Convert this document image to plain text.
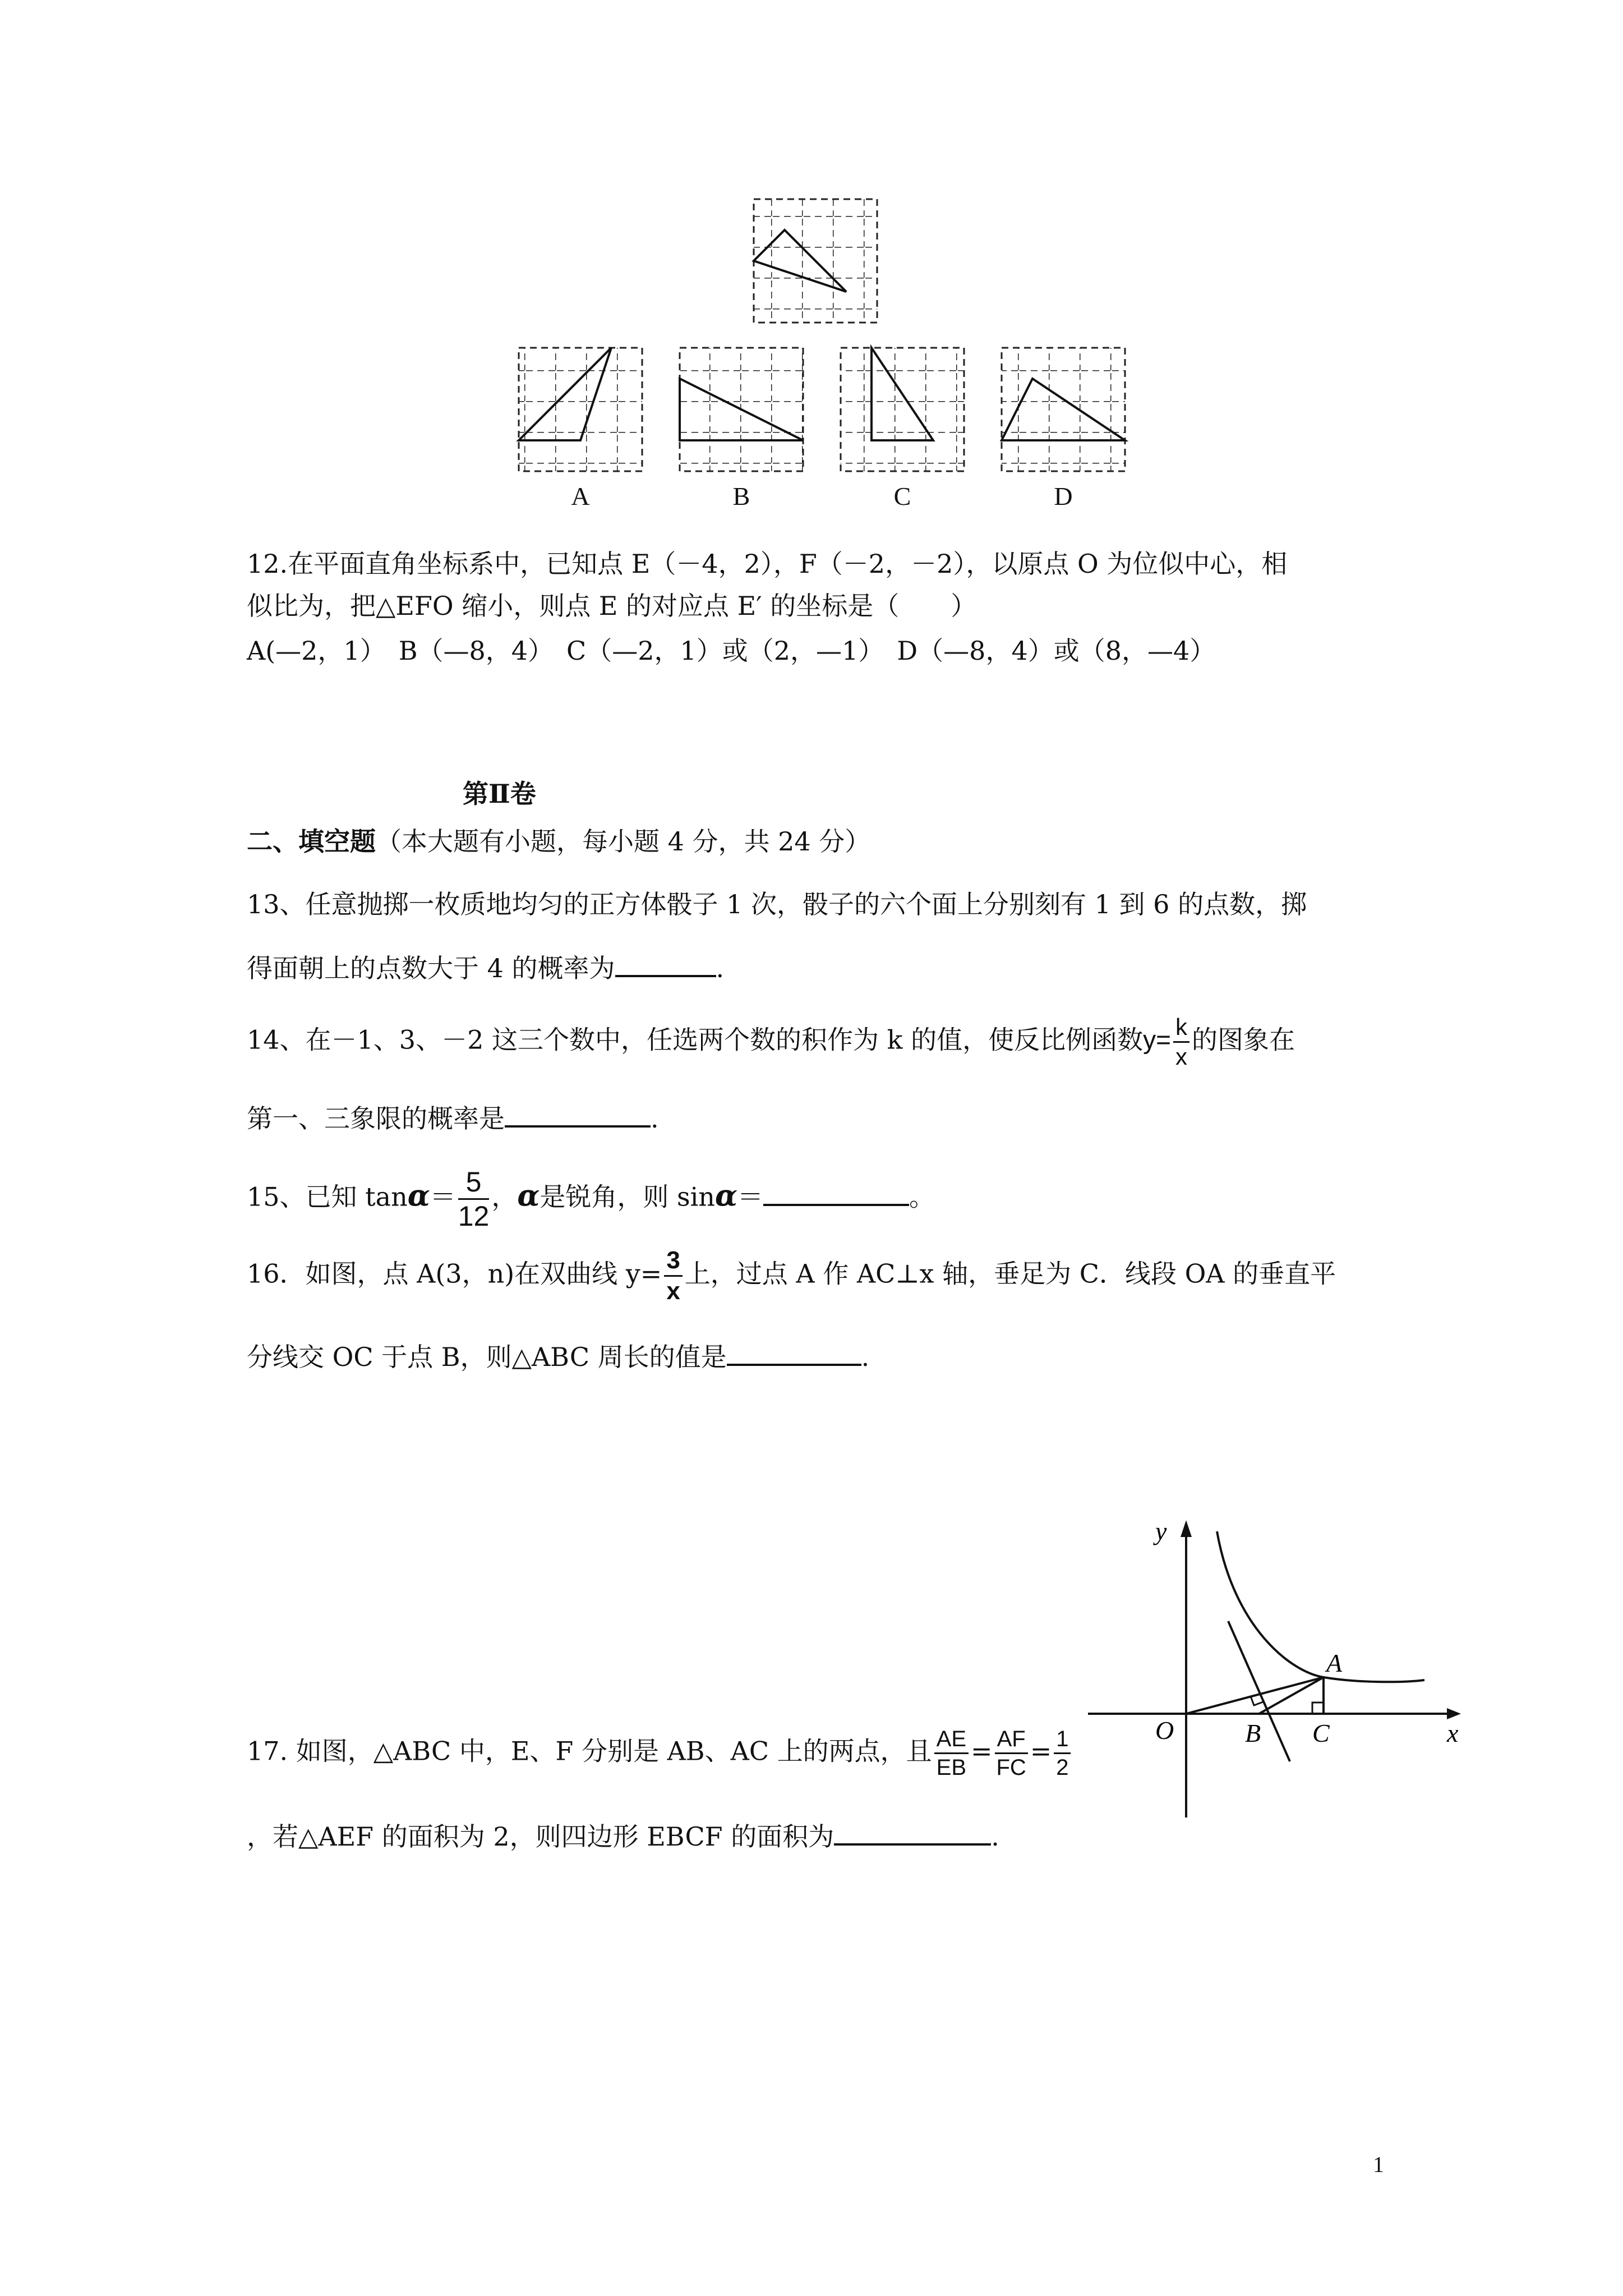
A	B	C	D
12.在平面直角坐标系中，已知点 E（－4，2），F（－2，－2），以原点 O 为位似中心，相
似比为，把△EFO 缩小，则点 E 的对应点 E′ 的坐标是（　　）
A(—2，1）　B（—8，4）　C（—2，1）或（2，—1）　D（—8，4）或（8，—4）
第Ⅱ卷
二、填空题（本大题有小题，每小题 4 分，共 24 分）
13、任意抛掷一枚质地均匀的正方体骰子 1 次，骰子的六个面上分别刻有 1 到 6 的点数，掷
得面朝上的点数大于 4 的概率为	.
14、在－1、3、－2 这三个数中，任选两个数的积作为 k 的值，使反比例函数$y= \frac{k}{x}$ 的图象在
第一、三象限的概率是	.
15、已知 $\tan\alpha= \frac{5}{12}$ ，α是锐角，则 sinα＝	。
16．如图，点 A(3，n)在双曲线 $y= \frac{3}{x}$ 上，过点 A 作 AC⊥x 轴，垂足为 C．线段 OA 的垂直平
分线交 OC 于点 B，则△ABC 周长的值是	.
y
x
O
A
B C
17. 如图，△ABC 中，E、F 分别是 AB、AC 上的两点，且 $\frac{AE}{EB} = \frac{AF}{FC} = \frac{1}{2}$
，若△AEF 的面积为 2，则四边形 EBCF 的面积为	.
1
